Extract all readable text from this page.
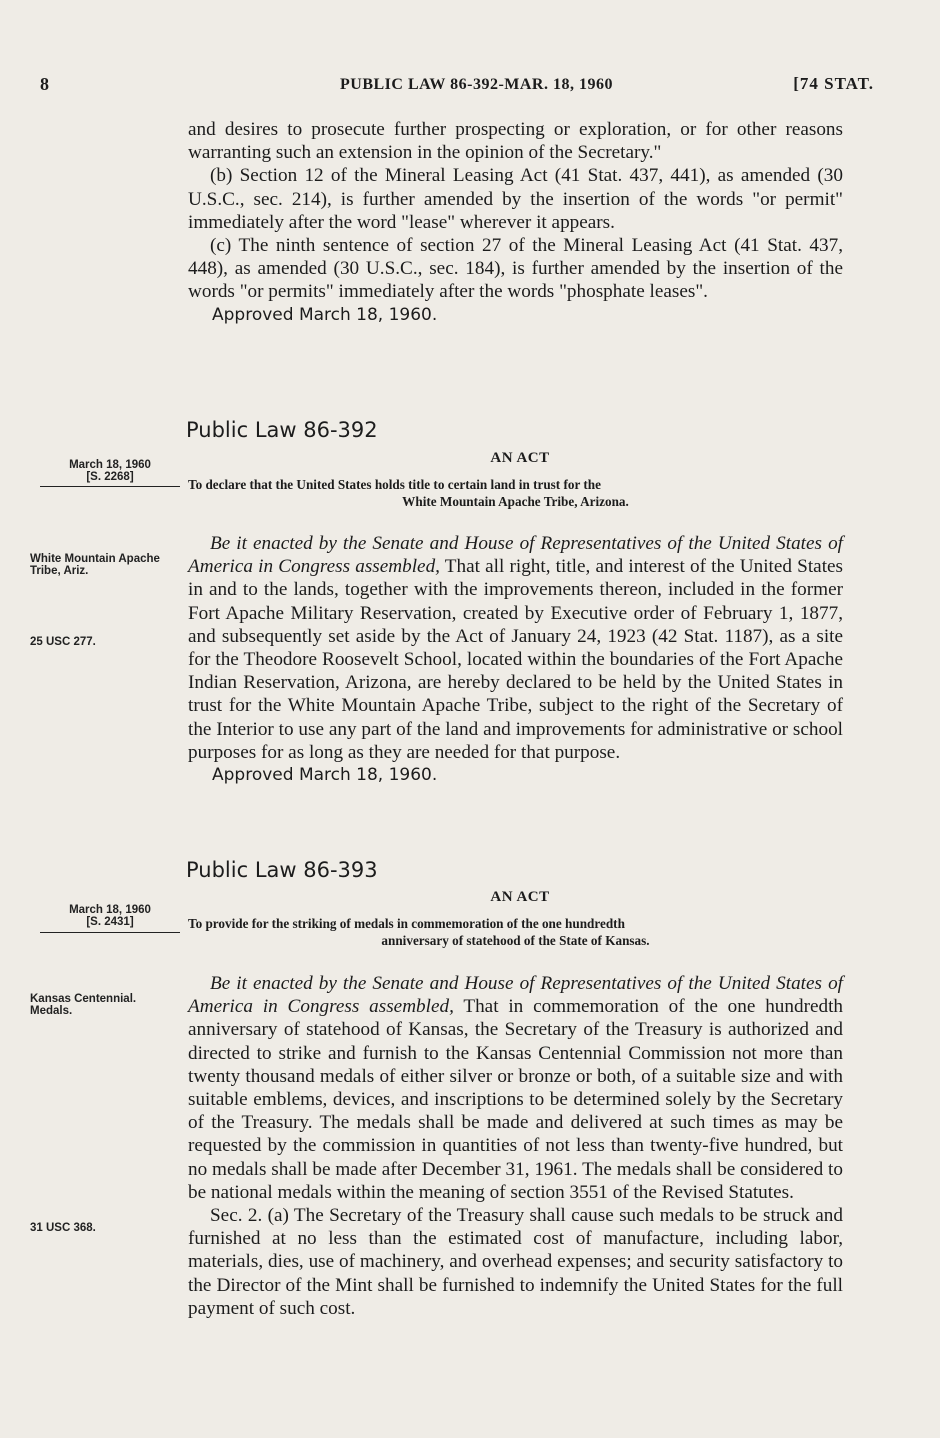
8	PUBLIC LAW 86-392-MAR. 18, 1960	[74 STAT.

and desires to prosecute further prospecting or exploration, or for other reasons warranting such an extension in the opinion of the Secretary."

(b) Section 12 of the Mineral Leasing Act (41 Stat. 437, 441), as amended (30 U.S.C., sec. 214), is further amended by the insertion of the words "or permit" immediately after the word "lease" wherever it appears.

(c) The ninth sentence of section 27 of the Mineral Leasing Act (41 Stat. 437, 448), as amended (30 U.S.C., sec. 184), is further amended by the insertion of the words "or permits" immediately after the words "phosphate leases".

Approved March 18, 1960.

Public Law 86-392
AN ACT
March 18, 1960
[S. 2268]	To declare that the United States holds title to certain land in trust for the
White Mountain Apache Tribe, Arizona.
White Mountain Apache Tribe, Ariz.
25 USC 277.

Be it enacted by the Senate and House of Representatives of the United States of America in Congress assembled, That all right, title, and interest of the United States in and to the lands, together with the improvements thereon, included in the former Fort Apache Military Reservation, created by Executive order of February 1, 1877, and subsequently set aside by the Act of January 24, 1923 (42 Stat. 1187), as a site for the Theodore Roosevelt School, located within the boundaries of the Fort Apache Indian Reservation, Arizona, are hereby declared to be held by the United States in trust for the White Mountain Apache Tribe, subject to the right of the Secretary of the Interior to use any part of the land and improvements for administrative or school purposes for as long as they are needed for that purpose.

Approved March 18, 1960.

Public Law 86-393
AN ACT
March 18, 1960
[S. 2431]	To provide for the striking of medals in commemoration of the one hundredth
anniversary of statehood of the State of Kansas.
Kansas Centennial. Medals.
31 USC 368.

Be it enacted by the Senate and House of Representatives of the United States of America in Congress assembled, That in commemoration of the one hundredth anniversary of statehood of Kansas, the Secretary of the Treasury is authorized and directed to strike and furnish to the Kansas Centennial Commission not more than twenty thousand medals of either silver or bronze or both, of a suitable size and with suitable emblems, devices, and inscriptions to be determined solely by the Secretary of the Treasury. The medals shall be made and delivered at such times as may be requested by the commission in quantities of not less than twenty-five hundred, but no medals shall be made after December 31, 1961. The medals shall be considered to be national medals within the meaning of section 3551 of the Revised Statutes.

Sec. 2. (a) The Secretary of the Treasury shall cause such medals to be struck and furnished at no less than the estimated cost of manufacture, including labor, materials, dies, use of machinery, and overhead expenses; and security satisfactory to the Director of the Mint shall be furnished to indemnify the United States for the full payment of such cost.
